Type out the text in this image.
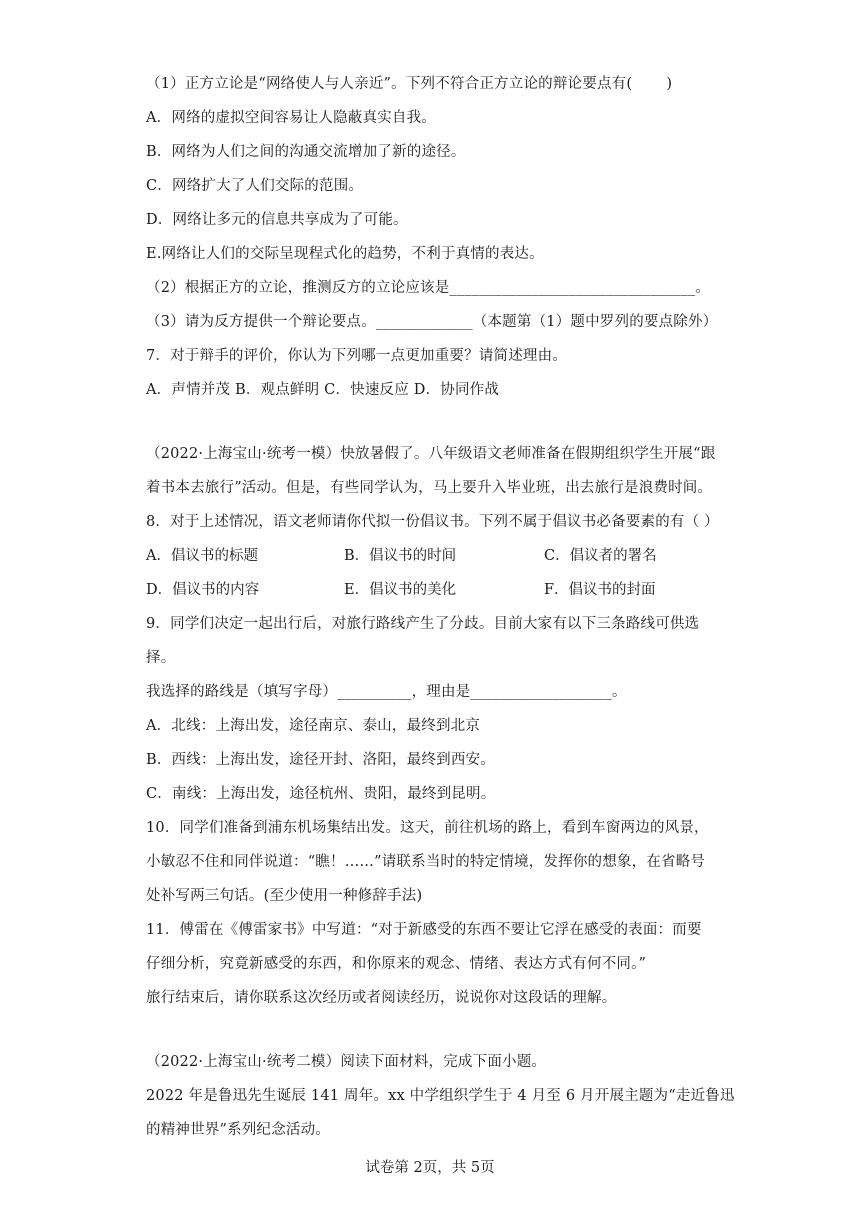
（1）正方立论是“网络使人与人亲近”。下列不符合正方立论的辩论要点有(　　 )
A．网络的虚拟空间容易让人隐蔽真实自我。
B．网络为人们之间的沟通交流增加了新的途径。
C．网络扩大了人们交际的范围。
D．网络让多元的信息共享成为了可能。
E.网络让人们的交际呈现程式化的趋势，不利于真情的表达。
（2）根据正方的立论，推测反方的立论应该是_________________________________。
（3）请为反方提供一个辩论要点。_____________（本题第（1）题中罗列的要点除外）
7．对于辩手的评价，你认为下列哪一点更加重要？请简述理由。
A．声情并茂 B．观点鲜明 C．快速反应 D．协同作战
（2022·上海宝山·统考一模）快放暑假了。八年级语文老师准备在假期组织学生开展“跟
着书本去旅行”活动。但是，有些同学认为，马上要升入毕业班，出去旅行是浪费时间。
8．对于上述情况，语文老师请你代拟一份倡议书。下列不属于倡议书必备要素的有（ ）
A．倡议书的标题	B．倡议书的时间	C．倡议者的署名
D．倡议书的内容	E．倡议书的美化	F．倡议书的封面
9．同学们决定一起出行后，对旅行路线产生了分歧。目前大家有以下三条路线可供选
择。
我选择的路线是（填写字母）__________，理由是___________________。
A．北线：上海出发，途径南京、泰山，最终到北京
B．西线：上海出发，途径开封、洛阳，最终到西安。
C．南线：上海出发，途径杭州、贵阳，最终到昆明。
10．同学们准备到浦东机场集结出发。这天，前往机场的路上，看到车窗两边的风景，
小敏忍不住和同伴说道：“瞧！……”请联系当时的特定情境，发挥你的想象，在省略号
处补写两三句话。(至少使用一种修辞手法)
11．傅雷在《傅雷家书》中写道：“对于新感受的东西不要让它浮在感受的表面：而要
仔细分析，究竟新感受的东西，和你原来的观念、情绪、表达方式有何不同。”
旅行结束后，请你联系这次经历或者阅读经历，说说你对这段话的理解。
（2022·上海宝山·统考二模）阅读下面材料，完成下面小题。
2022 年是鲁迅先生诞辰 141 周年。xx 中学组织学生于 4 月至 6 月开展主题为“走近鲁迅
的精神世界”系列纪念活动。
试卷第 2页，共 5页
